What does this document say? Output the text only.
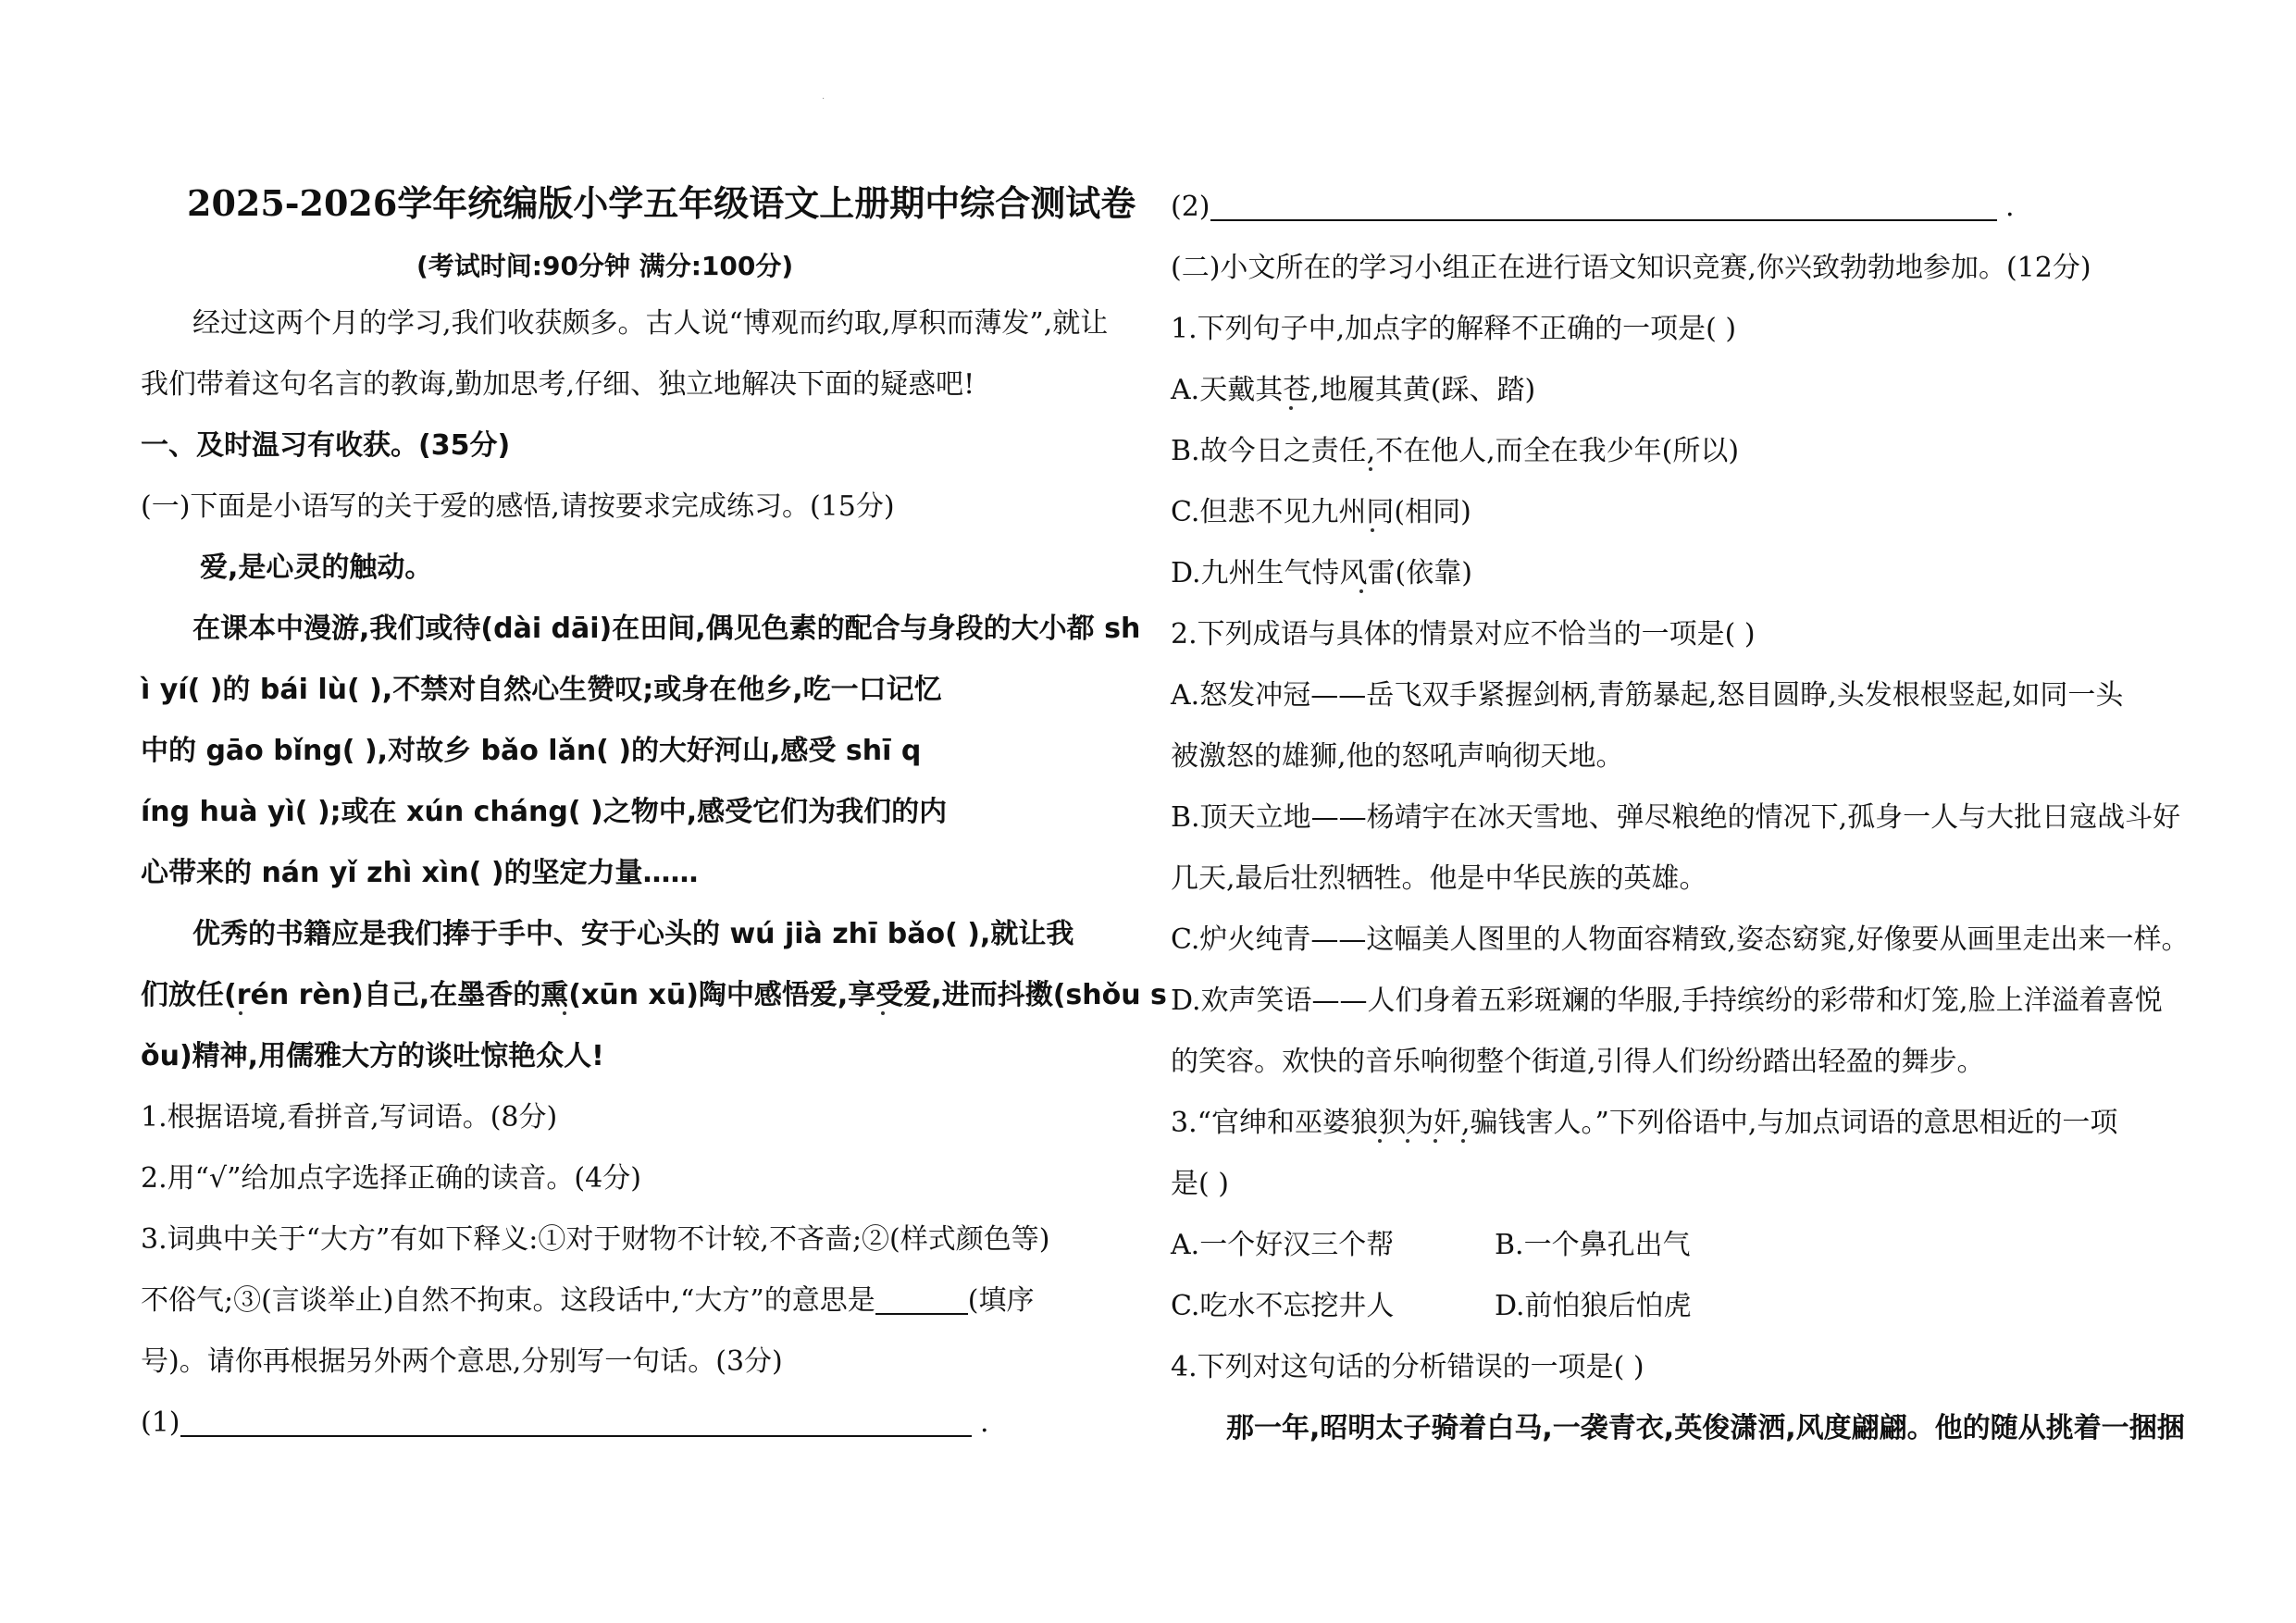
·
2025-2026学年统编版小学五年级语文上册期中综合测试卷
(考试时间:90分钟 满分:100分)
经过这两个月的学习,我们收获颇多。古人说“博观而约取,厚积而薄发”,就让
我们带着这句名言的教诲,勤加思考,仔细、独立地解决下面的疑惑吧!
一、及时温习有收获。(35分)
(一)下面是小语写的关于爱的感悟,请按要求完成练习。(15分)
爱,是心灵的触动。
在课本中漫游,我们或待(dài dāi)在田间,偶见色素的配合与身段的大小都 sh
ì yí( )的 bái lù( ),不禁对自然心生赞叹;或身在他乡,吃一口记忆
中的 gāo bǐng( ),对故乡 bǎo lǎn( )的大好河山,感受 shī q
íng huà yì( );或在 xún cháng( )之物中,感受它们为我们的内
心带来的 nán yǐ zhì xìn( )的坚定力量……
优秀的书籍应是我们捧于手中、安于心头的 wú jià zhī bǎo( ),就让我
们放任(rén rèn)自己,在墨香的熏(xūn xū)陶中感悟爱,享受爱,进而抖擞(shǒu s
ǒu)精神,用儒雅大方的谈吐惊艳众人!
1.根据语境,看拼音,写词语。(8分)
2.用“√”给加点字选择正确的读音。(4分)
3.词典中关于“大方”有如下释义:①对于财物不计较,不吝啬;②(样式颜色等)
不俗气;③(言谈举止)自然不拘束。这段话中,“大方”的意思是	(填序
号)。请你再根据另外两个意思,分别写一句话。(3分)
(1)	.
(2)	.
(二)小文所在的学习小组正在进行语文知识竞赛,你兴致勃勃地参加。(12分)
1.下列句子中,加点字的解释不正确的一项是( )
A.天戴其苍,地履其黄(踩、踏)
B.故今日之责任,不在他人,而全在我少年(所以)
C.但悲不见九州同(相同)
D.九州生气恃风雷(依靠)
2.下列成语与具体的情景对应不恰当的一项是( )
A.怒发冲冠——岳飞双手紧握剑柄,青筋暴起,怒目圆睁,头发根根竖起,如同一头
被激怒的雄狮,他的怒吼声响彻天地。
B.顶天立地——杨靖宇在冰天雪地、弹尽粮绝的情况下,孤身一人与大批日寇战斗好
几天,最后壮烈牺牲。他是中华民族的英雄。
C.炉火纯青——这幅美人图里的人物面容精致,姿态窈窕,好像要从画里走出来一样。
D.欢声笑语——人们身着五彩斑斓的华服,手持缤纷的彩带和灯笼,脸上洋溢着喜悦
的笑容。欢快的音乐响彻整个街道,引得人们纷纷踏出轻盈的舞步。
3.“官绅和巫婆狼狈为奸,骗钱害人。”下列俗语中,与加点词语的意思相近的一项
是( )
A.一个好汉三个帮	B.一个鼻孔出气
C.吃水不忘挖井人	D.前怕狼后怕虎
4.下列对这句话的分析错误的一项是( )
那一年,昭明太子骑着白马,一袭青衣,英俊潇洒,风度翩翩。他的随从挑着一捆捆
